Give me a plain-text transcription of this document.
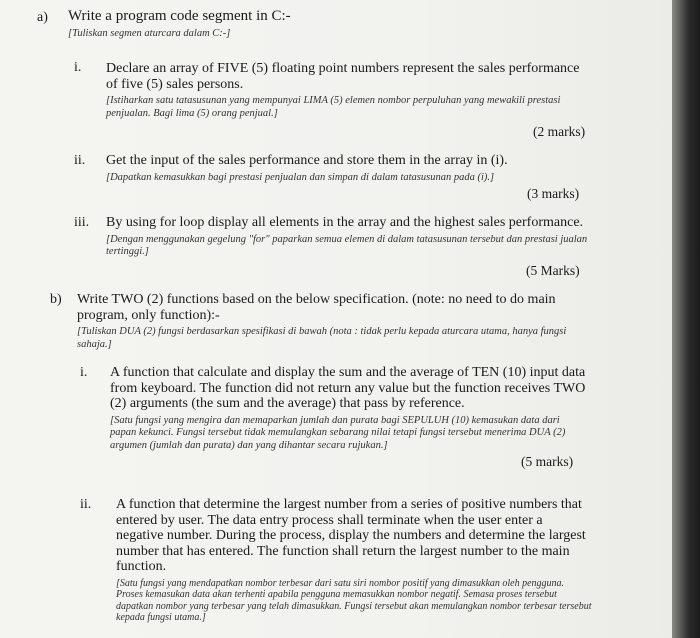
a) Write a program code segment in C:-
[Tuliskan segmen aturcara dalam C:-]
i. Declare an array of FIVE (5) floating point numbers represent the sales performance of five (5) sales persons.
[Istiharkan satu tatasusunan yang mempunyai LIMA (5) elemen nombor perpuluhan yang mewakili prestasi penjualan. Bagi lima (5) orang penjual.]
(2 marks)
ii. Get the input of the sales performance and store them in the array in (i).
[Dapatkan kemasukkan bagi prestasi penjualan dan simpan di dalam tatasusunan pada (i).]
(3 marks)
iii. By using for loop display all elements in the array and the highest sales performance.
[Dengan menggunakan gegelung "for" paparkan semua elemen di dalam tatasusunan tersebut dan prestasi jualan tertinggi.]
(5 Marks)
b) Write TWO (2) functions based on the below specification. (note: no need to do main program, only function):-
[Tuliskan DUA (2) fungsi berdasarkan spesifikasi di bawah (nota : tidak perlu kepada aturcara utama, hanya fungsi sahaja.]
i. A function that calculate and display the sum and the average of TEN (10) input data from keyboard. The function did not return any value but the function receives TWO (2) arguments (the sum and the average) that pass by reference.
[Satu fungsi yang mengira dan memaparkan jumlah dan purata bagi SEPULUH (10) kemasukan data dari papan kekunci. Fungsi tersebut tidak memulangkan sebarang nilai tetapi fungsi tersebut menerima DUA (2) argumen (jumlah dan purata) dan yang dihantar secara rujukan.]
(5 marks)
ii. A function that determine the largest number from a series of positive numbers that entered by user. The data entry process shall terminate when the user enter a negative number. During the process, display the numbers and determine the largest number that has entered. The function shall return the largest number to the main function.
[Satu fungsi yang mendapatkan nombor terbesar dari satu siri nombor positif yang dimasukkan oleh pengguna. Proses kemasukan data akan terhenti apabila pengguna memasukkan nombor negatif. Semasa proses tersebut dapatkan nombor yang terbesar yang telah dimasukkan. Fungsi tersebut akan memulangkan nombor terbesar tersebut kepada fungsi utama.]
